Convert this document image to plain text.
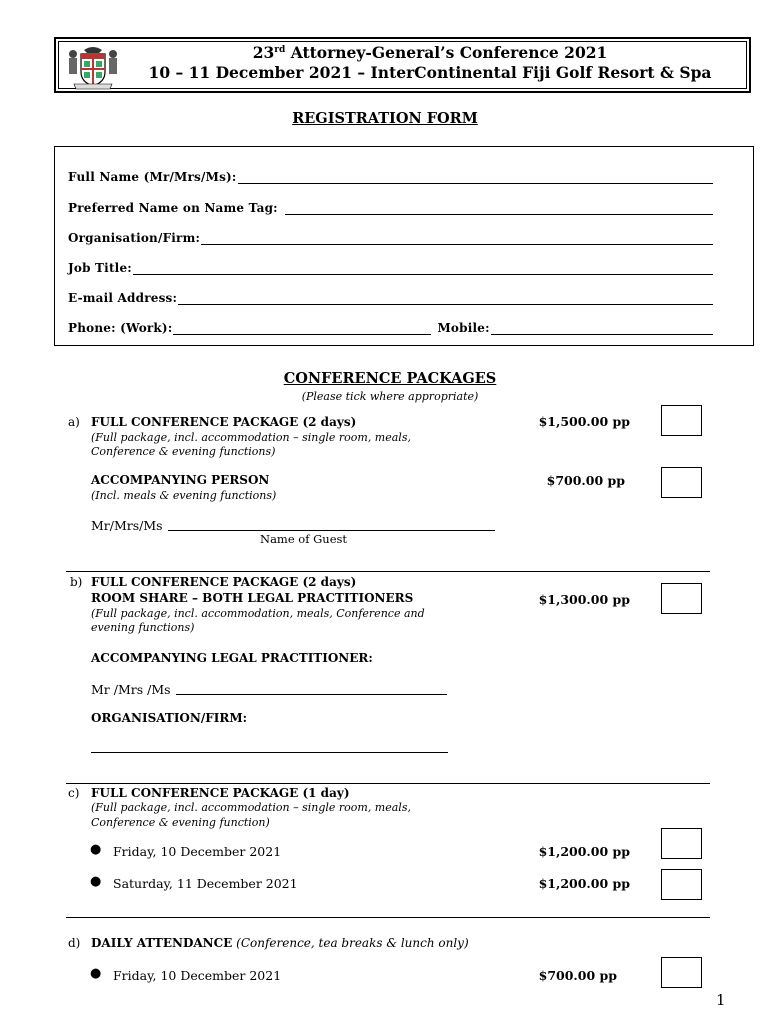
23rd Attorney-General’s Conference 2021
10 – 11 December 2021 – InterContinental Fiji Golf Resort & Spa
REGISTRATION FORM
Full Name (Mr/Mrs/Ms):
Preferred Name on Name Tag:
Organisation/Firm:
Job Title:
E-mail Address:
Phone: (Work):	Mobile:
CONFERENCE PACKAGES
(Please tick where appropriate)
a) FULL CONFERENCE PACKAGE (2 days)
(Full package, incl. accommodation – single room, meals,
Conference & evening functions)
$1,500.00 pp
ACCOMPANYING PERSON
(Incl. meals & evening functions)
$700.00 pp
Mr/Mrs/Ms
Name of Guest
b) FULL CONFERENCE PACKAGE (2 days)
ROOM SHARE – BOTH LEGAL PRACTITIONERS
(Full package, incl. accommodation, meals, Conference and
evening functions)
$1,300.00 pp
ACCOMPANYING LEGAL PRACTITIONER:
Mr /Mrs /Ms
ORGANISATION/FIRM:
c) FULL CONFERENCE PACKAGE (1 day)
(Full package, incl. accommodation – single room, meals,
Conference & evening function)
● Friday, 10 December 2021	$1,200.00 pp
● Saturday, 11 December 2021	$1,200.00 pp
d) DAILY ATTENDANCE (Conference, tea breaks & lunch only)
● Friday, 10 December 2021	$700.00 pp
1
